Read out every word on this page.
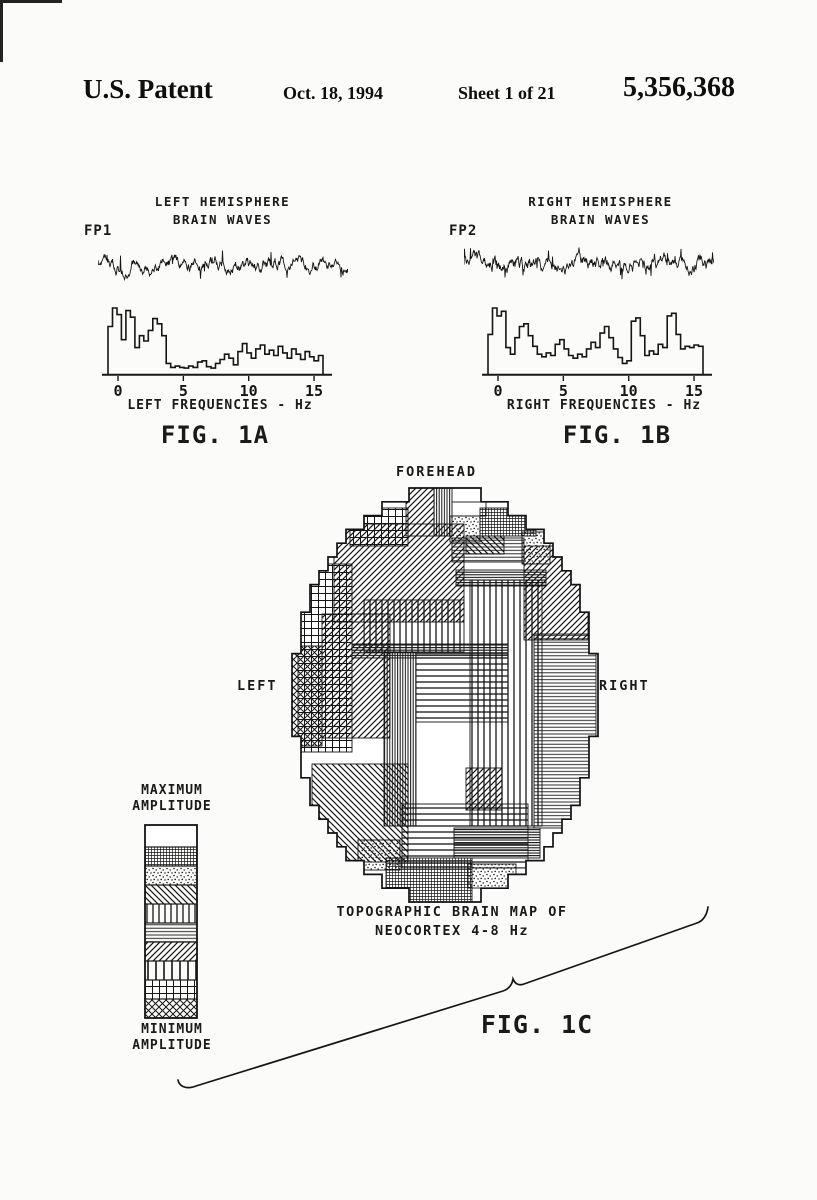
U.S. Patent	Oct. 18, 1994	Sheet 1 of 21 5,356,368
LEFT HEMISPHERE
BRAIN WAVES
FP1
0	5	10	15
LEFT FREQUENCIES - Hz
FIG. 1A
RIGHT HEMISPHERE
BRAIN WAVES
FP2
0	5	10	15
RIGHT FREQUENCIES - Hz
FIG. 1B
FOREHEAD
LEFT	RIGHT
MAXIMUM
AMPLITUDE
MINIMUM
AMPLITUDE
TOPOGRAPHIC BRAIN MAP OF
NEOCORTEX 4-8 Hz
FIG. 1C
